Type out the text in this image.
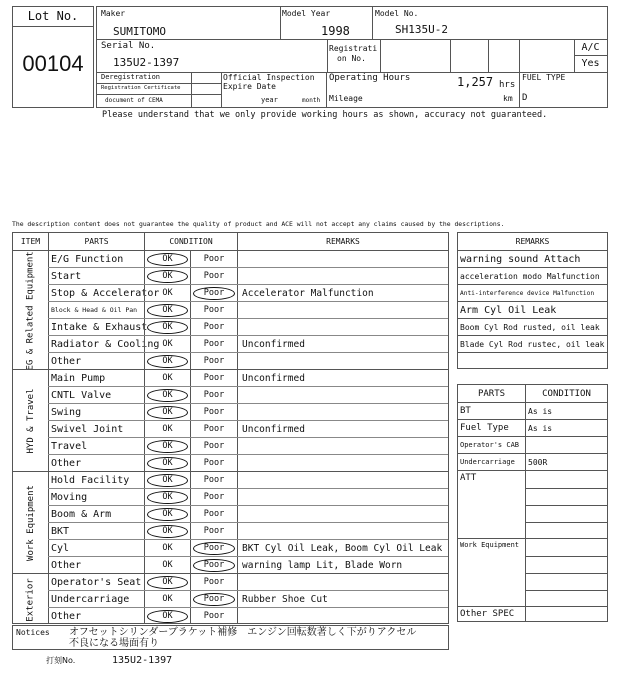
Lot No.
00104
Maker
SUMITOMO
Model Year
1998
Model No.
SH135U-2
Serial No.
135U2-1397
Registrati
on No.
A/C
Yes
Deregistration
Registration Certificate
document of CEMA
Official Inspection
Expire Date
year	month
Operating Hours	1,257 hrs
Mileage	km
FUEL TYPE
D
Please understand that we only provide working hours as shown, accuracy not guaranteed.
The description content does not guarantee the quality of product and ACE will not accept any claims caused by the descriptions.
ITEM	PARTS	CONDITION	REMARKS
EG & Related Equipment	E/G Function	OK	Poor
Start	OK	Poor
Stop & Accelerator OK	Poor	Accelerator Malfunction
Block & Head & Oil Pan	OK	Poor
Intake & Exhaust	OK	Poor
Radiator & Cooling OK	Poor	Unconfirmed
Other	OK	Poor
HYD & Travel
Main Pump	OK	Poor	Unconfirmed
CNTL Valve	OK	Poor
Swing	OK	Poor
Swivel Joint	OK	Poor	Unconfirmed
Travel	OK	Poor
Other	OK	Poor
Work Equipment
Hold Facility	OK	Poor
Moving	OK	Poor
Boom & Arm	OK	Poor
BKT	OK	Poor
Cyl	OK	Poor	BKT Cyl Oil Leak, Boom Cyl Oil Leak
Other	OK	Poor	warning lamp Lit, Blade Worn
Exterior	Operator's Seat	OK	Poor
Undercarriage	OK	Poor	Rubber Shoe Cut
Other	OK	Poor
REMARKS
warning sound Attach
acceleration modo Malfunction
Anti-interference device Malfunction
Arm Cyl Oil Leak
Boom Cyl Rod rusted, oil leak
Blade Cyl Rod rustec, oil leak
PARTS	CONDITION
BT	As is
Fuel Type	As is
Operator's CAB
Undercarriage	500R
ATT
Work Equipment
Other SPEC
Notices オフセットシリンダーブラケット補修　エンジン回転数著しく下がりアクセル
不良になる場面有り
打刻No.	135U2-1397
